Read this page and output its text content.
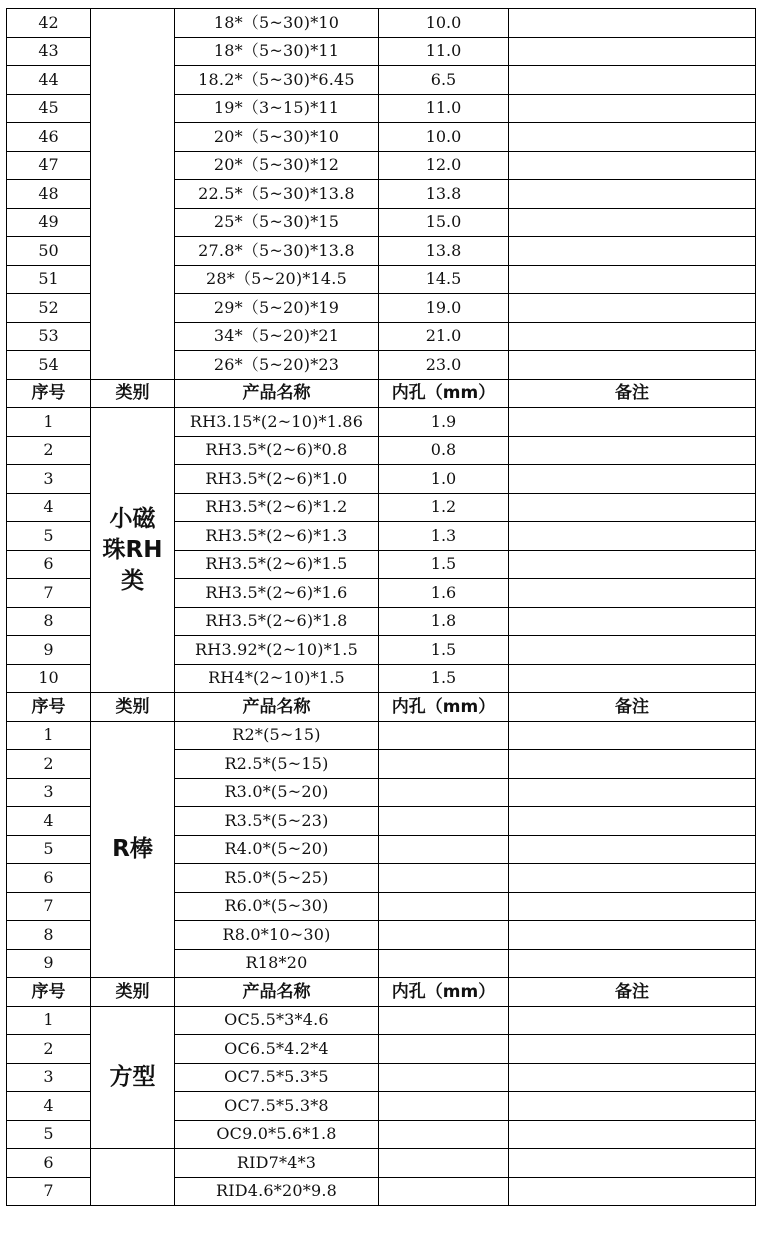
42		18*（5~30)*10	10.0	
43		18*（5~30)*11	11.0	
44		18.2*（5~30)*6.45	6.5	
45		19*（3~15)*11	11.0	
46		20*（5~30)*10	10.0	
47		20*（5~30)*12	12.0	
48		22.5*（5~30)*13.8	13.8	
49		25*（5~30)*15	15.0	
50		27.8*（5~30)*13.8	13.8	
51		28*（5~20)*14.5	14.5	
52		29*（5~20)*19	19.0	
53		34*（5~20)*21	21.0	
54		26*（5~20)*23	23.0	
序号	类别	产品名称	内孔（mm）	备注
1	小磁珠RH类	RH3.15*(2~10)*1.86	1.9	
2		RH3.5*(2~6)*0.8	0.8	
3		RH3.5*(2~6)*1.0	1.0	
4		RH3.5*(2~6)*1.2	1.2	
5		RH3.5*(2~6)*1.3	1.3	
6		RH3.5*(2~6)*1.5	1.5	
7		RH3.5*(2~6)*1.6	1.6	
8		RH3.5*(2~6)*1.8	1.8	
9		RH3.92*(2~10)*1.5	1.5	
10		RH4*(2~10)*1.5	1.5	
序号	类别	产品名称	内孔（mm）	备注
1	R棒	R2*(5~15)		
2		R2.5*(5~15)		
3		R3.0*(5~20)		
4		R3.5*(5~23)		
5		R4.0*(5~20)		
6		R5.0*(5~25)		
7		R6.0*(5~30)		
8		R8.0*10~30)		
9		R18*20		
序号	类别	产品名称	内孔（mm）	备注
1	方型	OC5.5*3*4.6		
2		OC6.5*4.2*4		
3		OC7.5*5.3*5		
4		OC7.5*5.3*8		
5		OC9.0*5.6*1.8		
6		RID7*4*3		
7		RID4.6*20*9.8		
